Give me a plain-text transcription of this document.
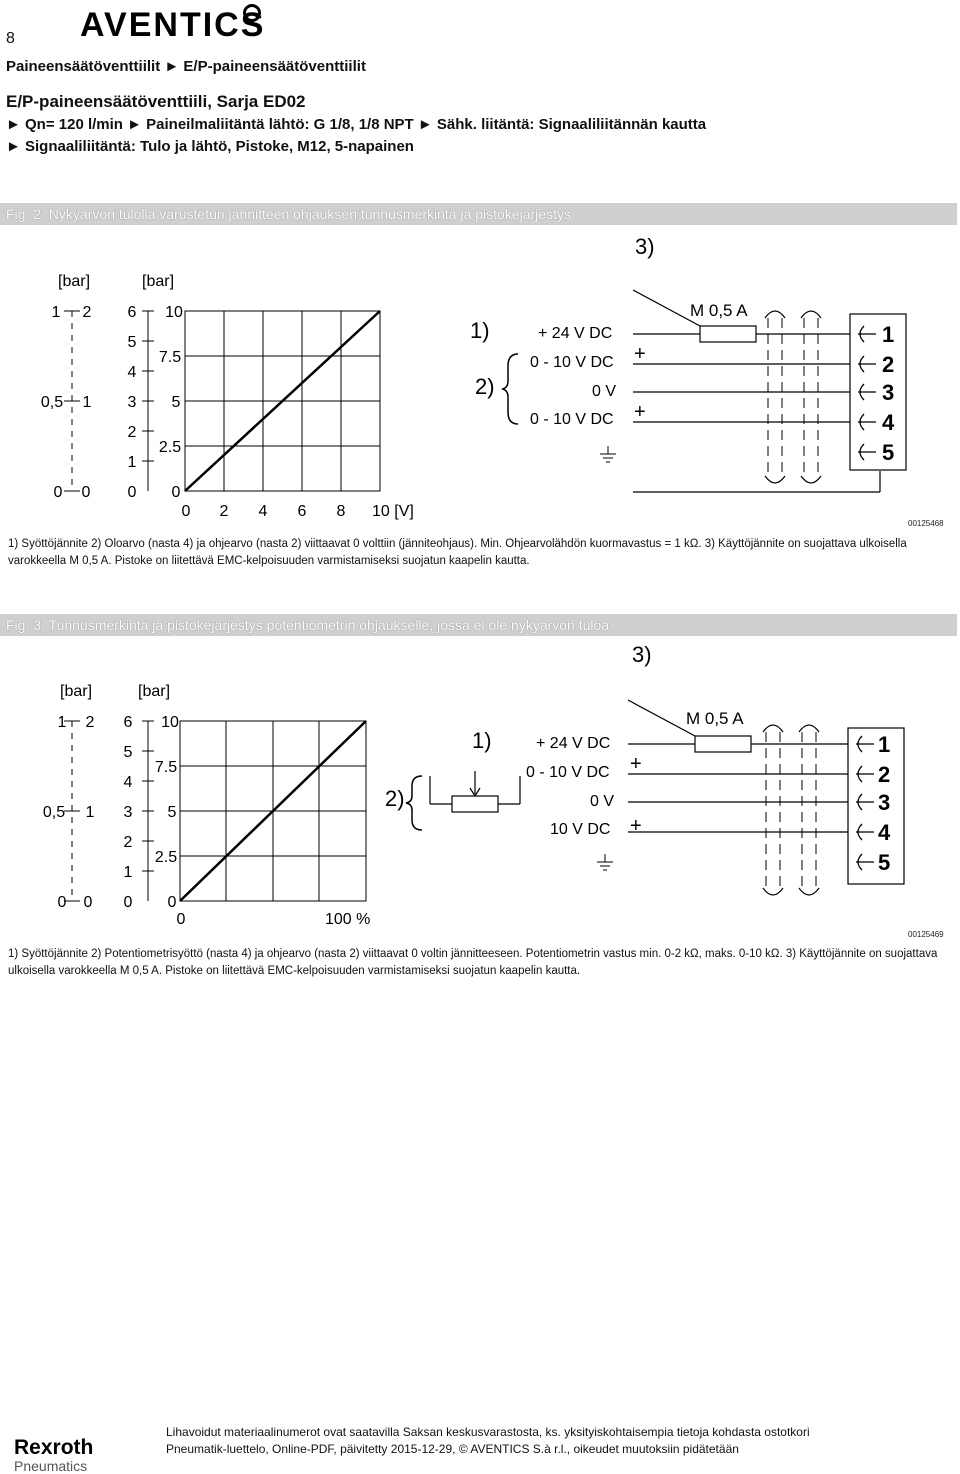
8 AVENTICS
Paineensäätöventtiilit ► E/P-paineensäätöventtiilit
E/P-paineensäätöventtiili, Sarja ED02
► Qn= 120 l/min ► Paineilmaliitäntä lähtö: G 1/8, 1/8 NPT ► Sähk. liitäntä: Signaaliliitännän kautta
► Signaaliliitäntä: Tulo ja lähtö, Pistoke, M12, 5-napainen
Fig. 2, Nykyarvon tulolla varustetun jännitteen ohjauksen tunnusmerkintä ja pistokejärjestys
[bar]	[bar]
1 2
0,5 1
0 0
6
5
4
3
2
1
0
10
7.5
5
2.5
0
0 2 4 6 8 10 [V]
3)
1)
2)
+ 24 V DC
0 - 10 V DC
0 V
0 - 10 V DC
+
+
M 0,5 A
1
2
3
4
5
00125468
1) Syöttöjännite 2) Oloarvo (nasta 4) ja ohjearvo (nasta 2) viittaavat 0 volttiin (jänniteohjaus). Min. Ohjearvolähdön kuormavastus = 1 kΩ. 3) Käyttöjännite on suojattava ulkoisella varokkeella M 0,5 A. Pistoke on liitettävä EMC-kelpoisuuden varmistamiseksi suojatun kaapelin kautta.
Fig. 3, Tunnusmerkintä ja pistokejärjestys potentiometrin ohjaukselle, jossa ei ole nykyarvon tuloa
[bar]	[bar]
1 2
0,5 1
0 0
6
5
4
3
2
1
0
10
7.5
5
2.5
0
0	100 %
3)
1)
2)
+ 24 V DC
0 - 10 V DC
0 V
10 V DC
+
+
M 0,5 A
1
2
3
4
5
00125469
1) Syöttöjännite 2) Potentiometrisyöttö (nasta 4) ja ohjearvo (nasta 2) viittaavat 0 voltin jännitteeseen. Potentiometrin vastus min. 0-2 kΩ, maks. 0-10 kΩ. 3) Käyttöjännite on suojattava ulkoisella varokkeella M 0,5 A. Pistoke on liitettävä EMC-kelpoisuuden varmistamiseksi suojatun kaapelin kautta.
Lihavoidut materiaalinumerot ovat saatavilla Saksan keskusvarastosta, ks. yksityiskohtaisempia tietoja kohdasta ostotkori
Pneumatik-luettelo, Online-PDF, päivitetty 2015-12-29, © AVENTICS S.à r.l., oikeudet muutoksiin pidätetään
Rexroth
Pneumatics
